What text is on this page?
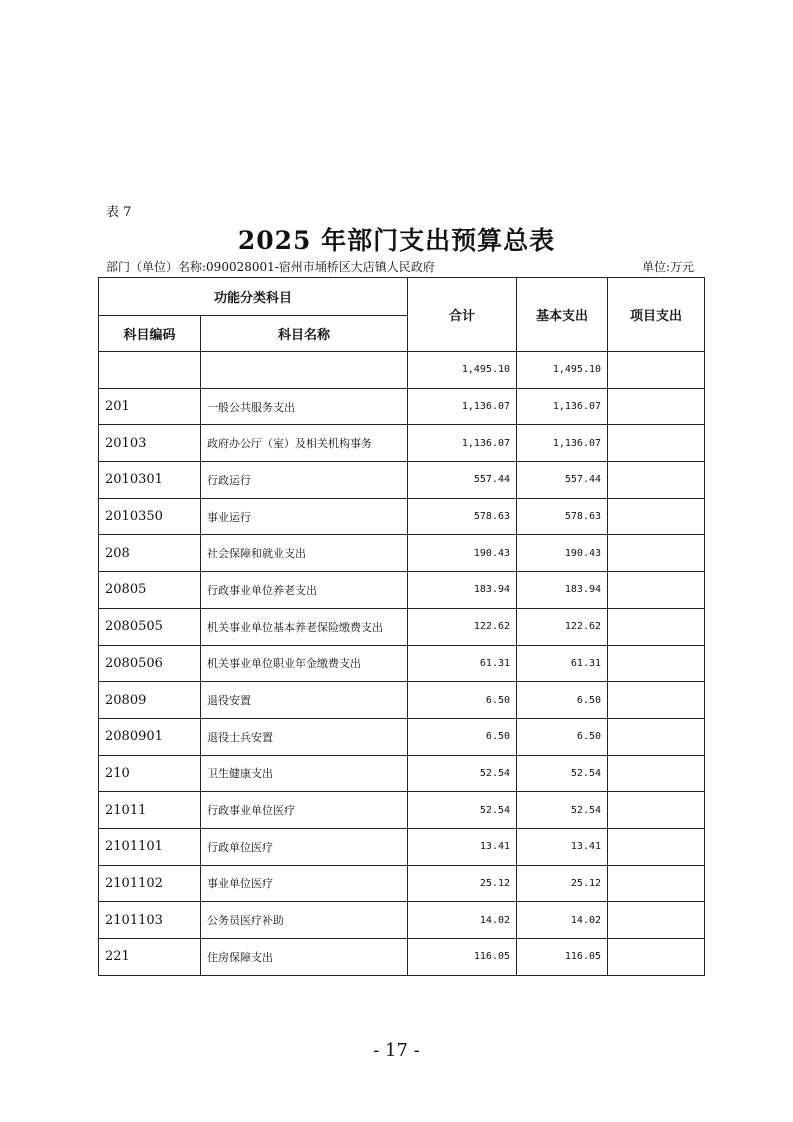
表 7
2025 年部门支出预算总表
部门（单位）名称:090028001-宿州市埇桥区大店镇人民政府	单位:万元
功能分类科目		合计	基本支出	项目支出
科目编码	科目名称			
		1,495.10	1,495.10	
201	一般公共服务支出	1,136.07	1,136.07	
20103	政府办公厅（室）及相关机构事务	1,136.07	1,136.07	
2010301	行政运行	557.44	557.44	
2010350	事业运行	578.63	578.63	
208	社会保障和就业支出	190.43	190.43	
20805	行政事业单位养老支出	183.94	183.94	
2080505	机关事业单位基本养老保险缴费支出	122.62	122.62	
2080506	机关事业单位职业年金缴费支出	61.31	61.31	
20809	退役安置	6.50	6.50	
2080901	退役士兵安置	6.50	6.50	
210	卫生健康支出	52.54	52.54	
21011	行政事业单位医疗	52.54	52.54	
2101101	行政单位医疗	13.41	13.41	
2101102	事业单位医疗	25.12	25.12	
2101103	公务员医疗补助	14.02	14.02	
221	住房保障支出	116.05	116.05	
- 17 -
